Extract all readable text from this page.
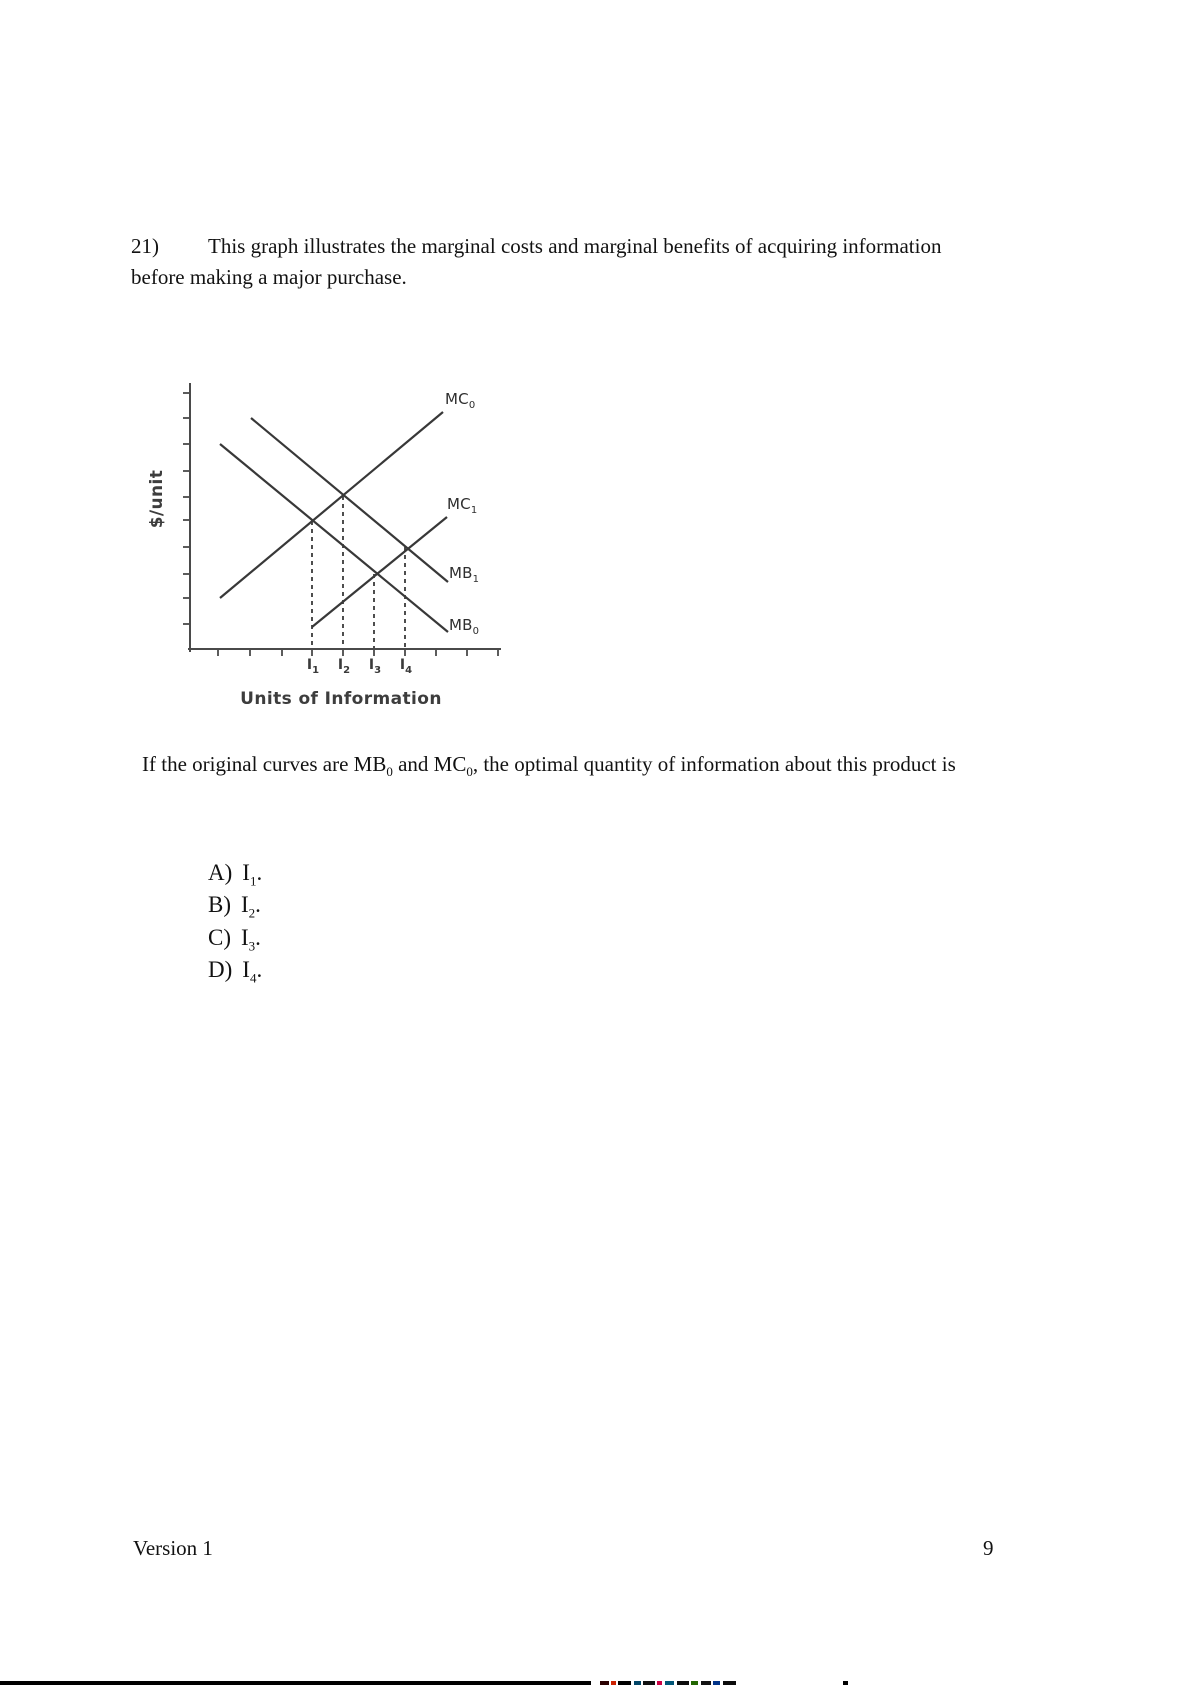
21) This graph illustrates the marginal costs and marginal benefits of acquiring information
before making a major purchase.
$/unit
Units of Information
$MC_0$
$MC_1$
$MB_1$
$MB_0$
$I_1$ $I_2$ $I_3$ $I_4$
If the original curves are $MB_0$ and $MC_0$, the optimal quantity of information about this product is
A) $I_1$.
B) $I_2$.
C) $I_3$.
D) $I_4$.
Version 1	9
